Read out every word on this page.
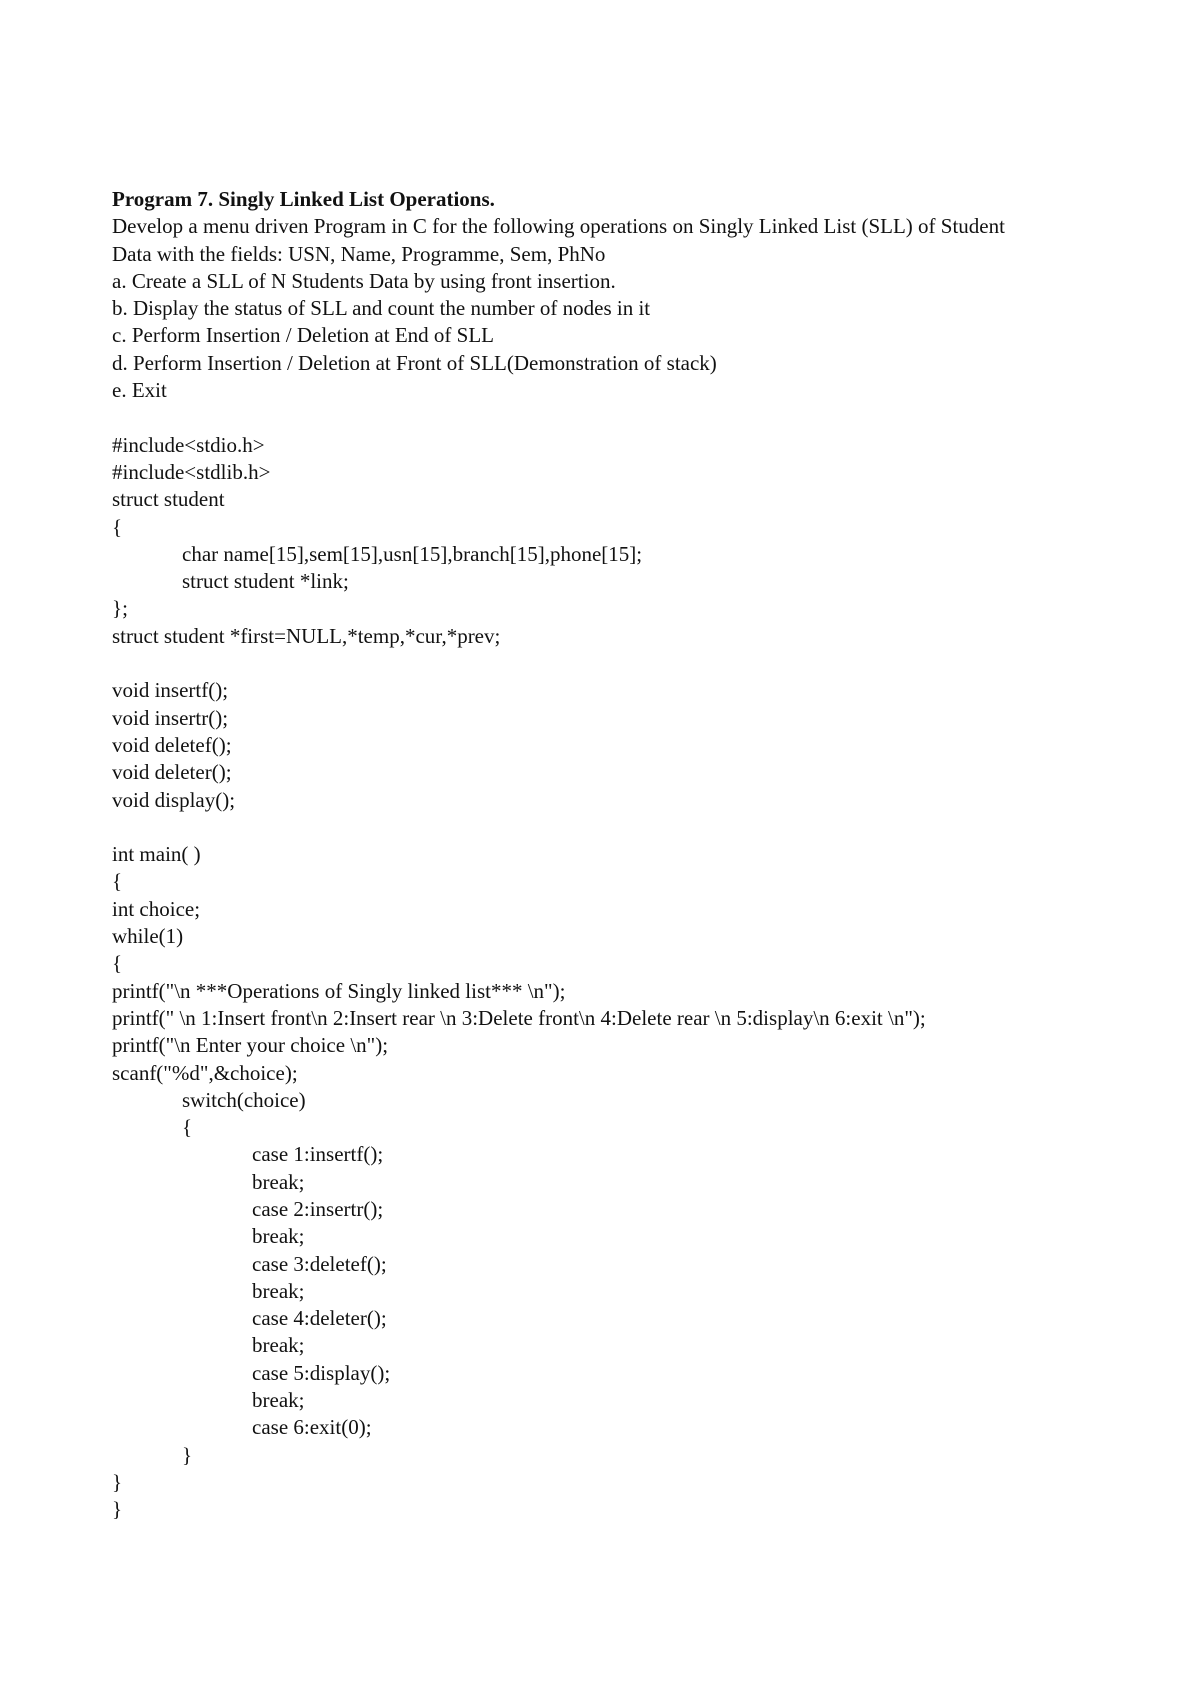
Program 7. Singly Linked List Operations.
Develop a menu driven Program in C for the following operations on Singly Linked List (SLL) of Student
Data with the fields: USN, Name, Programme, Sem, PhNo
a. Create a SLL of N Students Data by using front insertion.
b. Display the status of SLL and count the number of nodes in it
c. Perform Insertion / Deletion at End of SLL
d. Perform Insertion / Deletion at Front of SLL(Demonstration of stack)
e. Exit
#include<stdio.h>
#include<stdlib.h>
struct student
{
char name[15],sem[15],usn[15],branch[15],phone[15];
struct student *link;
};
struct student *first=NULL,*temp,*cur,*prev;
void insertf();
void insertr();
void deletef();
void deleter();
void display();
int main( )
{
int choice;
while(1)
{
printf("\n ***Operations of Singly linked list*** \n");
printf(" \n 1:Insert front\n 2:Insert rear \n 3:Delete front\n 4:Delete rear \n 5:display\n 6:exit \n");
printf("\n Enter your choice \n");
scanf("%d",&choice);
switch(choice)
{
case 1:insertf();
break;
case 2:insertr();
break;
case 3:deletef();
break;
case 4:deleter();
break;
case 5:display();
break;
case 6:exit(0);
}
}
}
